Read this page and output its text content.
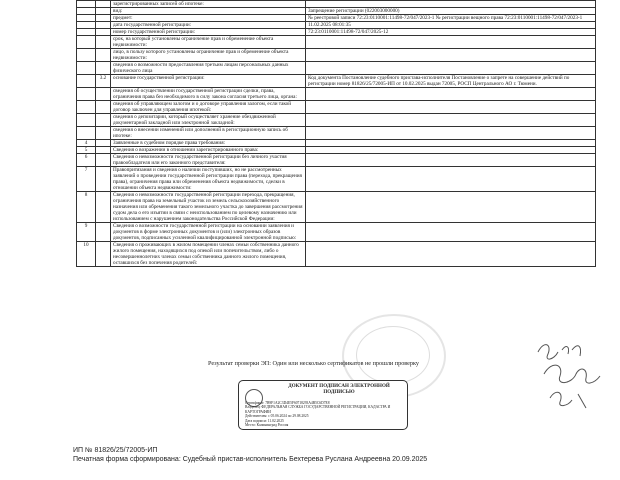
		зарегистрированных записей об ипотеке:	
		вид:	Запрещение регистрации (022003000000)
		предмет:	№ реестровой записи 72:23:0110001:11498-72/047/2023-1 № регистрации вещного права 72:23:0110001:11498-72/047/2023-1
		дата государственной регистрации:	11.02.2025 08:01:35
		номер государственной регистрации:	72:23:0110001:11498-72/047/2025-12
		срок, на который установлены ограничение прав и обременение объекта недвижимости:	
		лицо, в пользу которого установлены ограничение прав и обременение объекта недвижимости:	
		сведения о возможности предоставления третьим лицам персональных данных физического лица	
	3.2	основание государственной регистрации:	Код документа Постановление судебного пристава-исполнителя Постановление о запрете на совершение действий по регистрации номер 81826/25/72005-ИП от 10.02.2025 выдан 72005, РОСП Центрального АО г. Тюмени.
		сведения об осуществлении государственной регистрации сделки, права, ограничения права без необходимого в силу закона согласия третьего лица, органа:	
		сведения об управляющем залогом и о договоре управления залогом, если такой договор заключен для управления ипотекой:	
		сведения о депозитарии, который осуществляет хранение обездвиженной документарной закладной или электронной закладной:	
		сведения о внесении изменений или дополнений в регистрационную запись об ипотеке:	
4		Заявленные в судебном порядке права требования:	
5		Сведения о возражении в отношении зарегистрированного права:	
6		Сведения о невозможности государственной регистрации без личного участия правообладателя или его законного представителя:	
7		Правопритязания и сведения о наличии поступивших, но не рассмотренных заявлений о проведении государственной регистрации права (перехода, прекращения права), ограничения права или обременения объекта недвижимости, сделки в отношении объекта недвижимости:	
8		Сведения о невозможности государственной регистрации перехода, прекращения, ограничения права на земельный участок из земель сельскохозяйственного назначения или обременения такого земельного участка до завершения рассмотрения судом дела о его изъятии в связи с неиспользованием по целевому назначению или использованием с нарушением законодательства Российской Федерации:	
9		Сведения о возможности государственной регистрации на основании заявления и документов в форме электронных документов и (или) электронных образов документов, подписанных усиленной квалифицированной электронной подписью:	
10		Сведения о проживающих в жилом помещении членах семьи собственника данного жилого помещения, находящихся под опекой или попечительством, либо о несовершеннолетних членах семьи собственника данного жилого помещения, оставшихся без попечения родителей:	
Результат проверки ЭП: Один или несколько сертификатов не прошли проверку
ДОКУМЕНТ ПОДПИСАН ЭЛЕКТРОННОЙ ПОДПИСЬЮ
Сертификат: 7B9F1A2C3D4E5F60718293A4B5C6D7E8
Владелец: ФЕДЕРАЛЬНАЯ СЛУЖБА ГОСУДАРСТВЕННОЙ РЕГИСТРАЦИИ, КАДАСТРА И КАРТОГРАФИИ
Действителен: с 05.06.2024 по 29.08.2025
Дата подписи: 11.02.2025
Место: Калининград Россия
ИП № 81826/25/72005-ИП
Печатная форма сформирована: Судебный пристав-исполнитель Бехтерева Руслана Андреевна 20.09.2025
